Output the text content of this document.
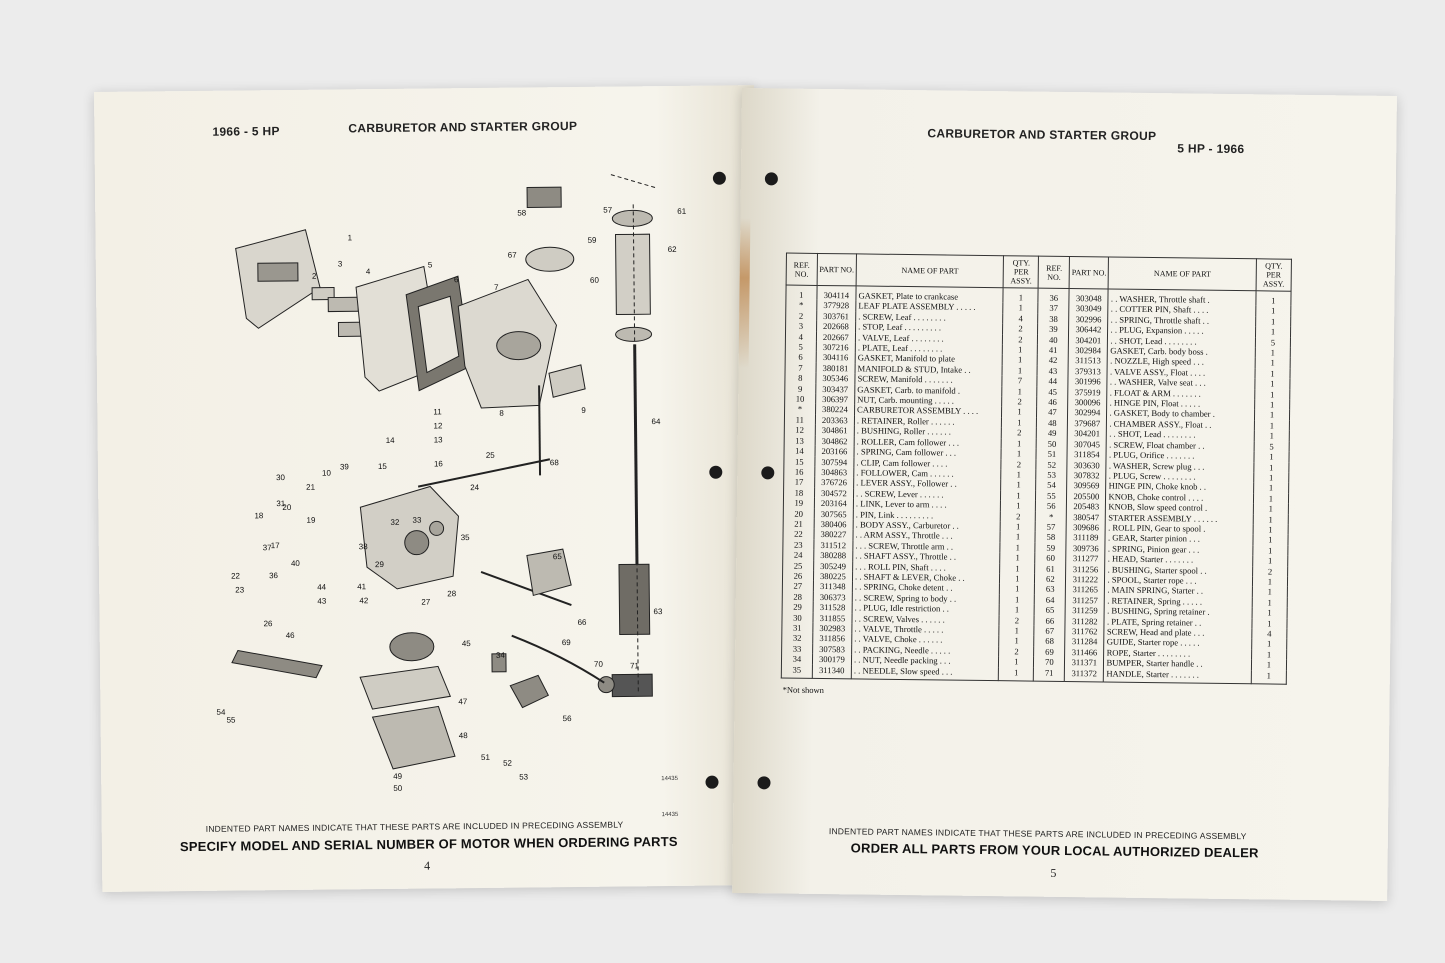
1966 - 5 HP	CARBURETOR AND STARTER GROUP
1
2
3
4
5
6
7
8	9
10
11
12
13
14
15	16
17
18	19
20
21
22
23
24
25
26
27
28
29
30
31
32 33
34
35
36
37	38
39
40
41
42
43
44
45
46
47
48
49
50
51
52
53
54
55	56
57
58
59
60
61
62
63
64
65
66
67
68
69
70	71
14435
14435
INDENTED PART NAMES INDICATE THAT THESE PARTS ARE INCLUDED IN PRECEDING ASSEMBLY
SPECIFY MODEL AND SERIAL NUMBER OF MOTOR WHEN ORDERING PARTS
4
CARBURETOR AND STARTER GROUP
5 HP - 1966
REF. NO.	PART NO.	NAME OF PART	QTY. PER ASSY.	REF. NO.	PART NO.	NAME OF PART	QTY. PER ASSY.
1	304114	GASKET, Plate to crankcase	1	36	303048	. . WASHER, Throttle shaft .	1
*	377928	LEAF PLATE ASSEMBLY . . . . .	1	37	303049	. . COTTER PIN, Shaft . . . .	1
2	303761	. SCREW, Leaf . . . . . . . .	4	38	302996	. . SPRING, Throttle shaft . .	1
3	202668	. STOP, Leaf . . . . . . . . .	2	39	306442	. . PLUG, Expansion . . . . .	1
4	202667	. VALVE, Leaf . . . . . . . .	2	40	304201	. . SHOT, Lead . . . . . . . .	5
5	307216	. PLATE, Leaf . . . . . . . .	1	41	302984	GASKET, Carb. body boss .	1
6	304116	GASKET, Manifold to plate	1	42	311513	. NOZZLE, High speed . . .	1
7	380181	MANIFOLD & STUD, Intake . .	1	43	379313	. VALVE ASSY., Float . . . .	1
8	305346	SCREW, Manifold . . . . . . .	7	44	301996	. . WASHER, Valve seat . . .	1
9	303437	GASKET, Carb. to manifold .	1	45	375919	. FLOAT & ARM . . . . . . .	1
10	306397	NUT, Carb. mounting . . . . .	2	46	300096	. HINGE PIN, Float . . . . .	1
*	380224	CARBURETOR ASSEMBLY . . . .	1	47	302994	. GASKET, Body to chamber .	1
11	203363	. RETAINER, Roller . . . . . .	1	48	379687	. CHAMBER ASSY., Float . .	1
12	304861	. BUSHING, Roller . . . . . .	2	49	304201	. . SHOT, Lead . . . . . . . .	1
13	304862	. ROLLER, Cam follower . . .	1	50	307045	. SCREW, Float chamber . .	5
14	203166	. SPRING, Cam follower . . .	1	51	311854	. PLUG, Orifice . . . . . . .	1
15	307594	. CLIP, Cam follower . . . .	2	52	303630	. WASHER, Screw plug . . .	1
16	304863	. FOLLOWER, Cam . . . . . .	1	53	307832	. PLUG, Screw . . . . . . . .	1
17	376726	. LEVER ASSY., Follower . .	1	54	309569	HINGE PIN, Choke knob . .	1
18	304572	. . SCREW, Lever . . . . . .	1	55	205500	KNOB, Choke control . . . .	1
19	203164	. LINK, Lever to arm . . . .	1	56	205483	KNOB, Slow speed control .	1
20	307565	. PIN, Link . . . . . . . . .	2	*	380547	STARTER ASSEMBLY . . . . . .	1
21	380406	. BODY ASSY., Carburetor . .	1	57	309686	. ROLL PIN, Gear to spool .	1
22	380227	. . ARM ASSY., Throttle . . .	1	58	311189	. GEAR, Starter pinion . . .	1
23	311512	. . . SCREW, Throttle arm . .	1	59	309736	. SPRING, Pinion gear . . .	1
24	380288	. . SHAFT ASSY., Throttle . .	1	60	311277	. HEAD, Starter . . . . . . .	1
25	305249	. . . ROLL PIN, Shaft . . . .	1	61	311256	. BUSHING, Starter spool . .	2
26	380225	. . SHAFT & LEVER, Choke . .	1	62	311222	. SPOOL, Starter rope . . .	1
27	311348	. . SPRING, Choke detent . .	1	63	311265	. MAIN SPRING, Starter . .	1
28	306373	. . SCREW, Spring to body . .	1	64	311257	. RETAINER, Spring . . . . .	1
29	311528	. . PLUG, Idle restriction . .	1	65	311259	. BUSHING, Spring retainer .	1
30	311855	. . SCREW, Valves . . . . . .	2	66	311282	. PLATE, Spring retainer . .	1
31	302983	. . VALVE, Throttle . . . . .	1	67	311762	SCREW, Head and plate . . .	4
32	311856	. . VALVE, Choke . . . . . .	1	68	311284	GUIDE, Starter rope . . . . .	1
33	307583	. . PACKING, Needle . . . . .	2	69	311466	ROPE, Starter . . . . . . . .	1
34	300179	. . NUT, Needle packing . . .	1	70	311371	BUMPER, Starter handle . .	1
35	311340	. . NEEDLE, Slow speed . . .	1	71	311372	HANDLE, Starter . . . . . . .	1
*Not shown
INDENTED PART NAMES INDICATE THAT THESE PARTS ARE INCLUDED IN PRECEDING ASSEMBLY
ORDER ALL PARTS FROM YOUR LOCAL AUTHORIZED DEALER
5
